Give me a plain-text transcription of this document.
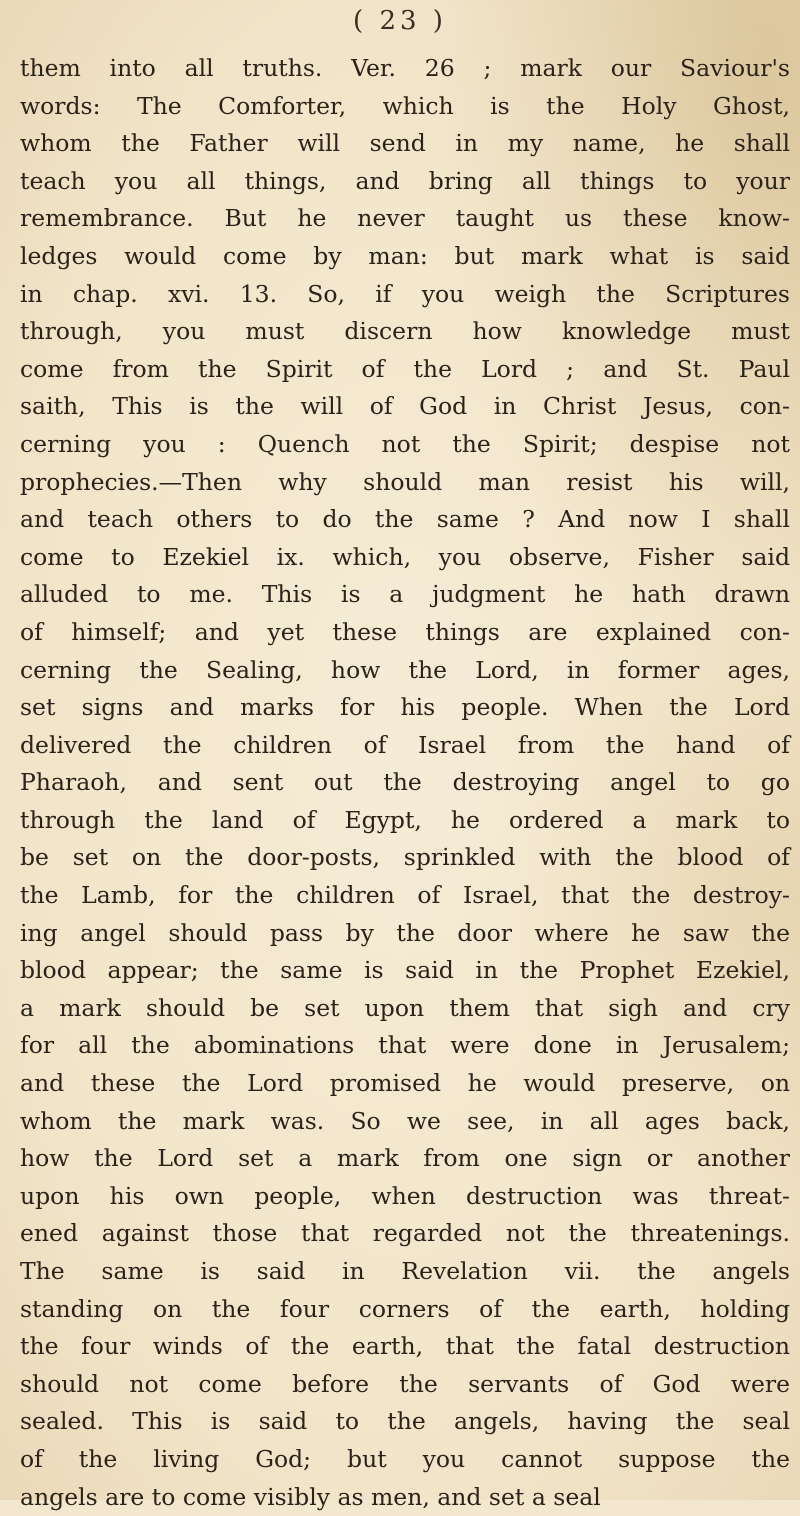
( 23 )
them into all truths. Ver. 26 ; mark our Saviour's
words: The Comforter, which is the Holy Ghost,
whom the Father will send in my name, he shall
teach you all things, and bring all things to your
remembrance. But he never taught us these know-
ledges would come by man: but mark what is said
in chap. xvi. 13. So, if you weigh the Scriptures
through, you must discern how knowledge must
come from the Spirit of the Lord ; and St. Paul
saith, This is the will of God in Christ Jesus, con-
cerning you : Quench not the Spirit; despise not
prophecies.—Then why should man resist his will,
and teach others to do the same ? And now I shall
come to Ezekiel ix. which, you observe, Fisher said
alluded to me. This is a judgment he hath drawn
of himself; and yet these things are explained con-
cerning the Sealing, how the Lord, in former ages,
set signs and marks for his people. When the Lord
delivered the children of Israel from the hand of
Pharaoh, and sent out the destroying angel to go
through the land of Egypt, he ordered a mark to
be set on the door-posts, sprinkled with the blood of
the Lamb, for the children of Israel, that the destroy-
ing angel should pass by the door where he saw the
blood appear; the same is said in the Prophet Ezekiel,
a mark should be set upon them that sigh and cry
for all the abominations that were done in Jerusalem;
and these the Lord promised he would preserve, on
whom the mark was. So we see, in all ages back,
how the Lord set a mark from one sign or another
upon his own people, when destruction was threat-
ened against those that regarded not the threatenings.
The same is said in Revelation vii. the angels
standing on the four corners of the earth, holding
the four winds of the earth, that the fatal destruction
should not come before the servants of God were
sealed. This is said to the angels, having the seal
of the living God; but you cannot suppose the
angels are to come visibly as men, and set a seal
